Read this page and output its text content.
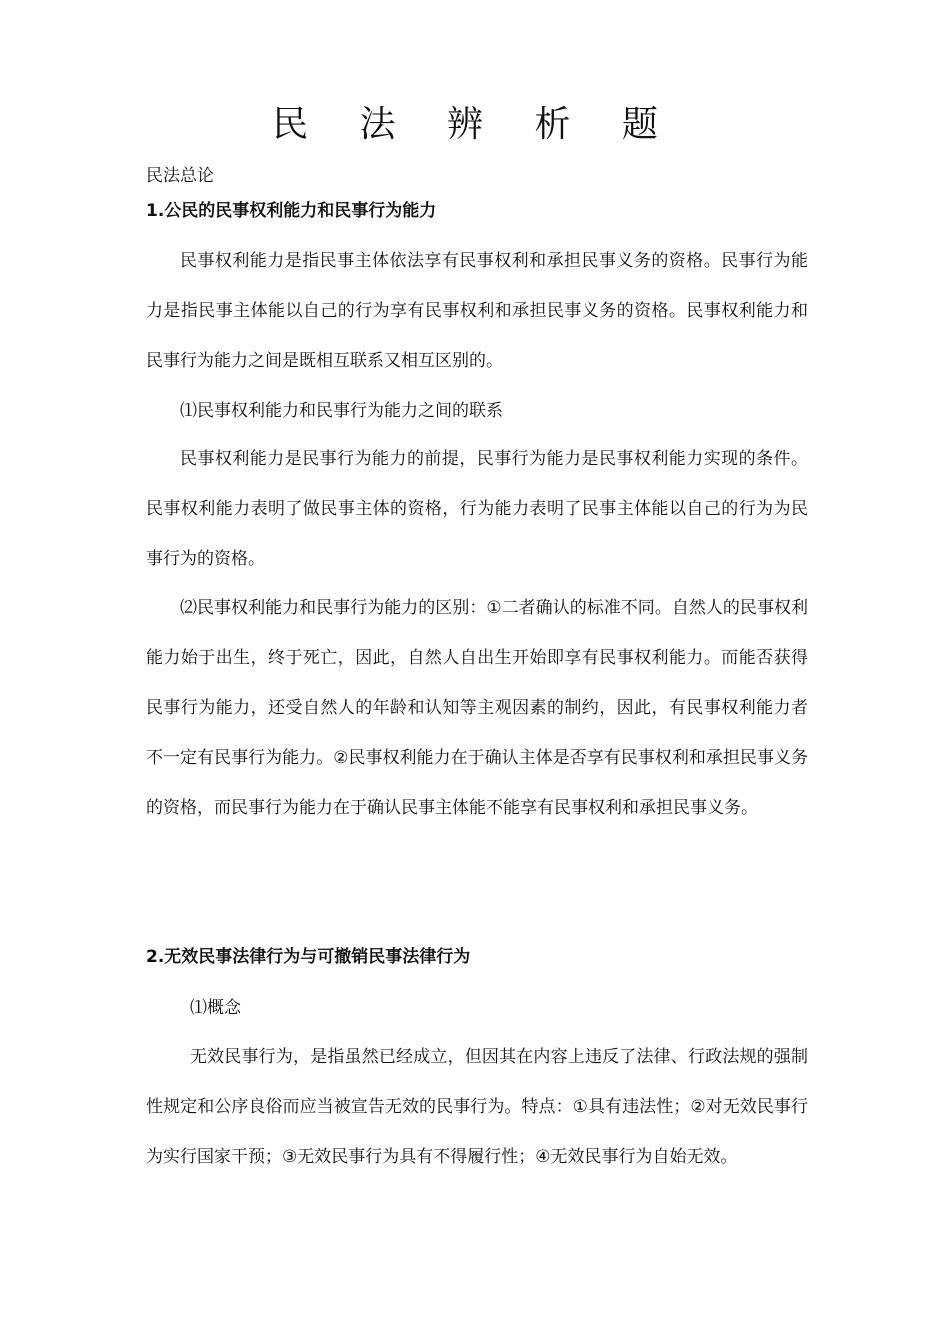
民 法 辨 析 题
民法总论
1.公民的民事权利能力和民事行为能力

民事权利能力是指民事主体依法享有民事权利和承担民事义务的资格。民事行为能力是指民事主体能以自己的行为享有民事权利和承担民事义务的资格。民事权利能力和民事行为能力之间是既相互联系又相互区别的。

⑴民事权利能力和民事行为能力之间的联系

民事权利能力是民事行为能力的前提，民事行为能力是民事权利能力实现的条件。民事权利能力表明了做民事主体的资格，行为能力表明了民事主体能以自己的行为为民事行为的资格。

⑵民事权利能力和民事行为能力的区别：①二者确认的标准不同。自然人的民事权利能力始于出生，终于死亡，因此，自然人自出生开始即享有民事权利能力。而能否获得民事行为能力，还受自然人的年龄和认知等主观因素的制约，因此，有民事权利能力者不一定有民事行为能力。②民事权利能力在于确认主体是否享有民事权利和承担民事义务的资格，而民事行为能力在于确认民事主体能不能享有民事权利和承担民事义务。

2.无效民事法律行为与可撤销民事法律行为
⑴概念

无效民事行为，是指虽然已经成立，但因其在内容上违反了法律、行政法规的强制性规定和公序良俗而应当被宣告无效的民事行为。特点：①具有违法性；②对无效民事行为实行国家干预；③无效民事行为具有不得履行性；④无效民事行为自始无效。
